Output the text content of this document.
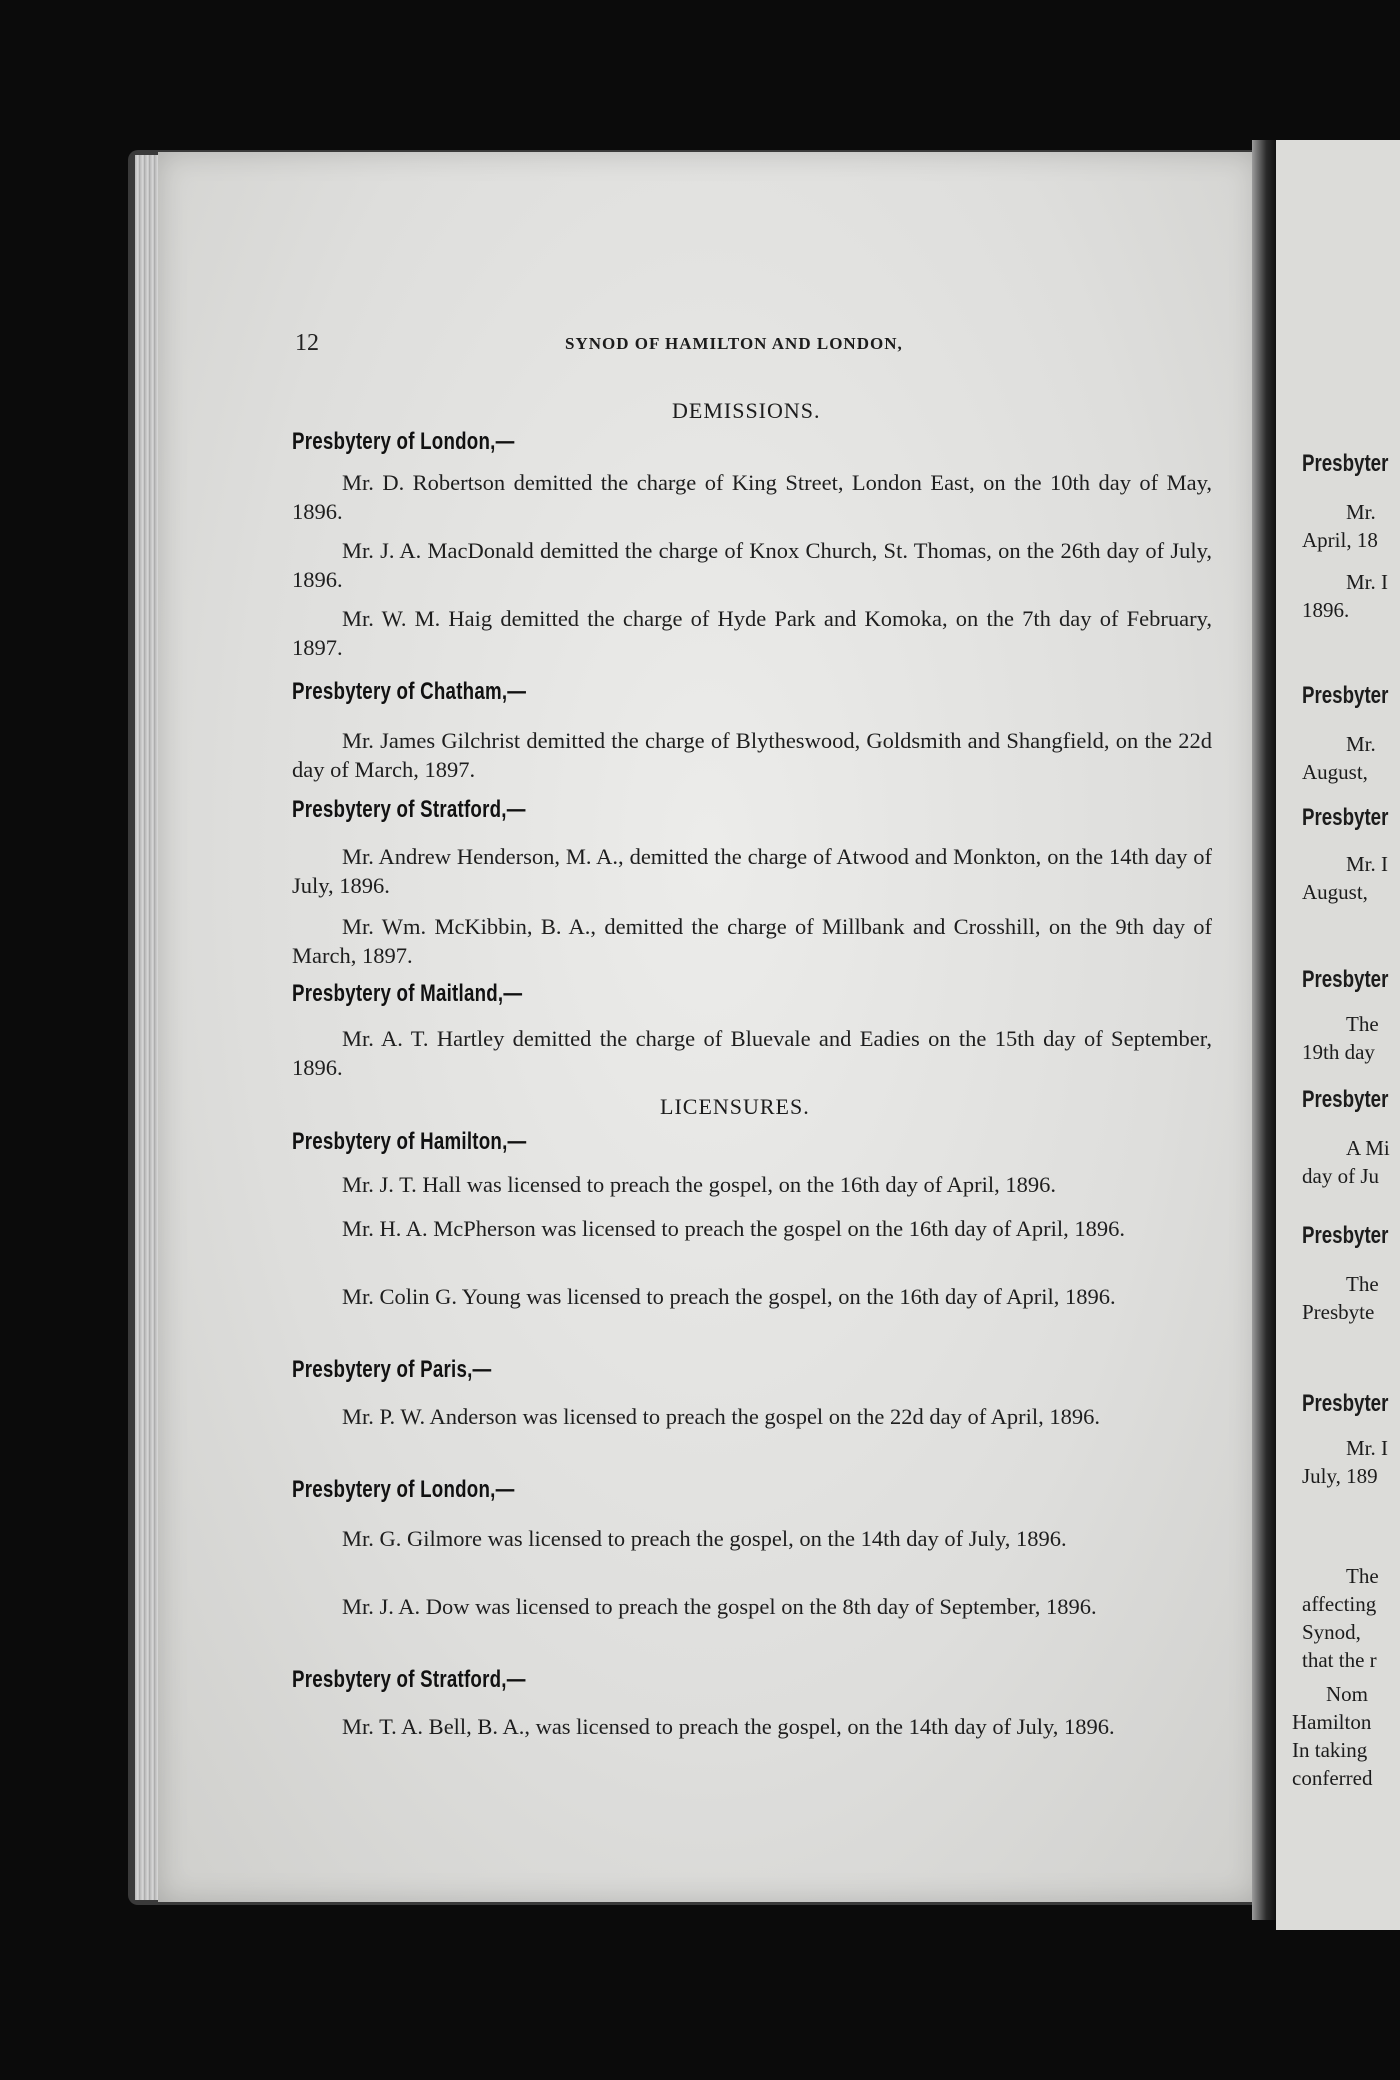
12	SYNOD OF HAMILTON AND LONDON,
DEMISSIONS.
Presbytery of London,—
Mr. D. Robertson demitted the charge of King Street, London East, on the 10th day of May, 1896.
Mr. J. A. MacDonald demitted the charge of Knox Church, St. Thomas, on the 26th day of July, 1896.
Mr. W. M. Haig demitted the charge of Hyde Park and Komoka, on the 7th day of February, 1897.
Presbytery of Chatham,—
Mr. James Gilchrist demitted the charge of Blytheswood, Goldsmith and Shangfield, on the 22d day of March, 1897.
Presbytery of Stratford,—
Mr. Andrew Henderson, M. A., demitted the charge of Atwood and Monkton, on the 14th day of July, 1896.
Mr. Wm. McKibbin, B. A., demitted the charge of Millbank and Crosshill, on the 9th day of March, 1897.
Presbytery of Maitland,—
Mr. A. T. Hartley demitted the charge of Bluevale and Eadies on the 15th day of September, 1896.
LICENSURES.
Presbytery of Hamilton,—
Mr. J. T. Hall was licensed to preach the gospel, on the 16th day of April, 1896.
Mr. H. A. McPherson was licensed to preach the gospel on the 16th day of April, 1896.
Mr. Colin G. Young was licensed to preach the gospel, on the 16th day of April, 1896.
Presbytery of Paris,—
Mr. P. W. Anderson was licensed to preach the gospel on the 22d day of April, 1896.
Presbytery of London,—
Mr. G. Gilmore was licensed to preach the gospel, on the 14th day of July, 1896.
Mr. J. A. Dow was licensed to preach the gospel on the 8th day of September, 1896.
Presbytery of Stratford,—
Mr. T. A. Bell, B. A., was licensed to preach the gospel, on the 14th day of July, 1896.
Presbyter
Mr.
April, 18
Mr. I
1896.
Presbyter
Mr.
August,
Presbyter
Mr. I
August,
Presbyter
The
19th day
Presbyter
A Mi
day of Ju
Presbyter
The
Presbyte
Presbyter
Mr. I
July, 189
The
affecting
Synod,
that the r
Nom
Hamilton
In taking
conferred
